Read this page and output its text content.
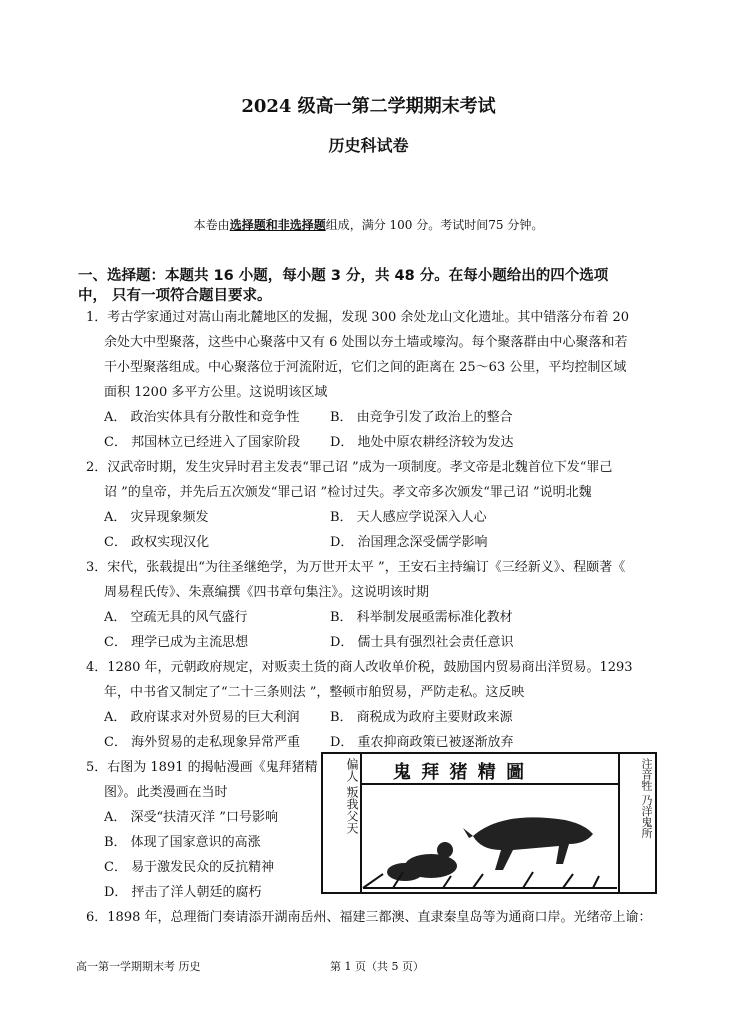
2024 级高一第二学期期末考试
历史科试卷
本卷由选择题和非选择题组成，满分 100 分。考试时间75 分钟。
一、选择题：本题共 16 小题，每小题 3 分，共 48 分。在每小题给出的四个选项
中， 只有一项符合题目要求。
1．考古学家通过对嵩山南北麓地区的发掘，发现 300 余处龙山文化遗址。其中错落分布着 20
余处大中型聚落，这些中心聚落中又有 6 处围以夯土墙或壕沟。每个聚落群由中心聚落和若
干小型聚落组成。中心聚落位于河流附近，它们之间的距离在 25～63 公里，平均控制区域
面积 1200 多平方公里。这说明该区域
A． 政治实体具有分散性和竞争性 B． 由竞争引发了政治上的整合
C． 邦国林立已经进入了国家阶段 D． 地处中原农耕经济较为发达
2．汉武帝时期，发生灾异时君主发表“罪己诏 ”成为一项制度。孝文帝是北魏首位下发“罪己
诏 ”的皇帝，并先后五次颁发“罪己诏 ”检讨过失。孝文帝多次颁发“罪己诏 ”说明北魏
A． 灾异现象频发	B． 天人感应学说深入人心
C． 政权实现汉化	D． 治国理念深受儒学影响
3．宋代，张载提出“为往圣继绝学，为万世开太平 ”，王安石主持编订《三经新义》、程颐著《
周易程氏传》、朱熹编撰《四书章句集注》。这说明该时期
A． 空疏无具的风气盛行	B． 科举制发展亟需标准化教材
C． 理学已成为主流思想	D． 儒士具有强烈社会责任意识
4．1280 年，元朝政府规定，对贩卖土货的商人改收单价税，鼓励国内贸易商出洋贸易。1293
年，中书省又制定了“二十三条则法 ”，整顿市舶贸易，严防走私。这反映
A． 政府谋求对外贸易的巨大利润 B． 商税成为政府主要财政来源
C． 海外贸易的走私现象异常严重 D． 重农抑商政策已被逐渐放弃
5．右图为 1891 的揭帖漫画《鬼拜猪精
图》。此类漫画在当时
A． 深受“扶清灭洋 ”口号影响
B． 体现了国家意识的高涨
C． 易于激发民众的反抗精神
D． 抨击了洋人朝廷的腐朽
鬼 拜 猪 精 圖
偏人 叛我父天
注音牲 乃洋鬼所
6．1898 年，总理衙门奏请添开湖南岳州、福建三都澳、直隶秦皇岛等为通商口岸。光绪帝上谕：
高一第一学期期末考 历史	第 1 页（共 5 页）
